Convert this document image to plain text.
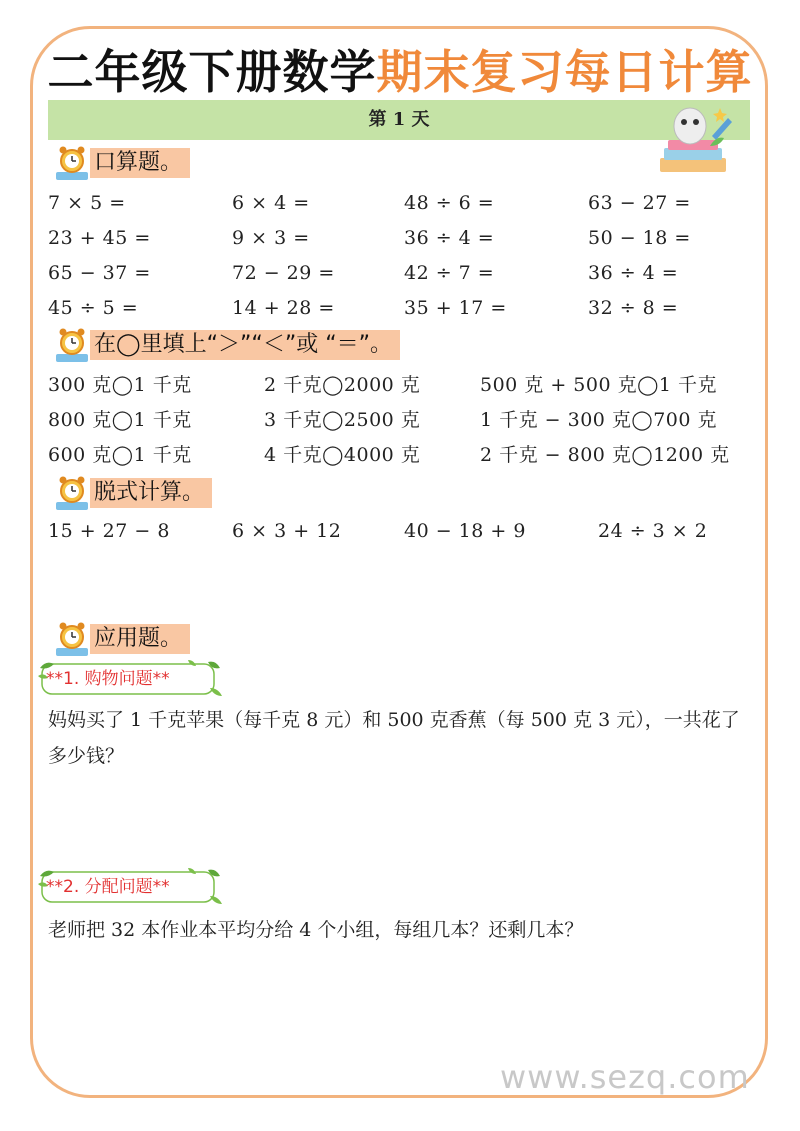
二年级下册数学期末复习每日计算
第 1 天
口算题。
7 × 5 =	6 × 4 =	48 ÷ 6 =	63 − 27 =
23 + 45 =	9 × 3 =	36 ÷ 4 =	50 − 18 =
65 − 37 =	72 − 29 =	42 ÷ 7 =	36 ÷ 4 =
45 ÷ 5 =	14 + 28 =	35 + 17 =	32 ÷ 8 =
在◯里填上“＞”“＜”或 “＝”。
300 克◯1 千克	2 千克◯2000 克	500 克 + 500 克◯1 千克
800 克◯1 千克	3 千克◯2500 克	1 千克 − 300 克◯700 克
600 克◯1 千克	4 千克◯4000 克	2 千克 − 800 克◯1200 克
脱式计算。
15 + 27 − 8	6 × 3 + 12	40 − 18 + 9	24 ÷ 3 × 2
应用题。
**1. 购物问题**
妈妈买了 1 千克苹果（每千克 8 元）和 500 克香蕉（每 500 克 3 元），一共花了多少钱？
**2. 分配问题**
老师把 32 本作业本平均分给 4 个小组，每组几本？还剩几本？
www.sezq.com
